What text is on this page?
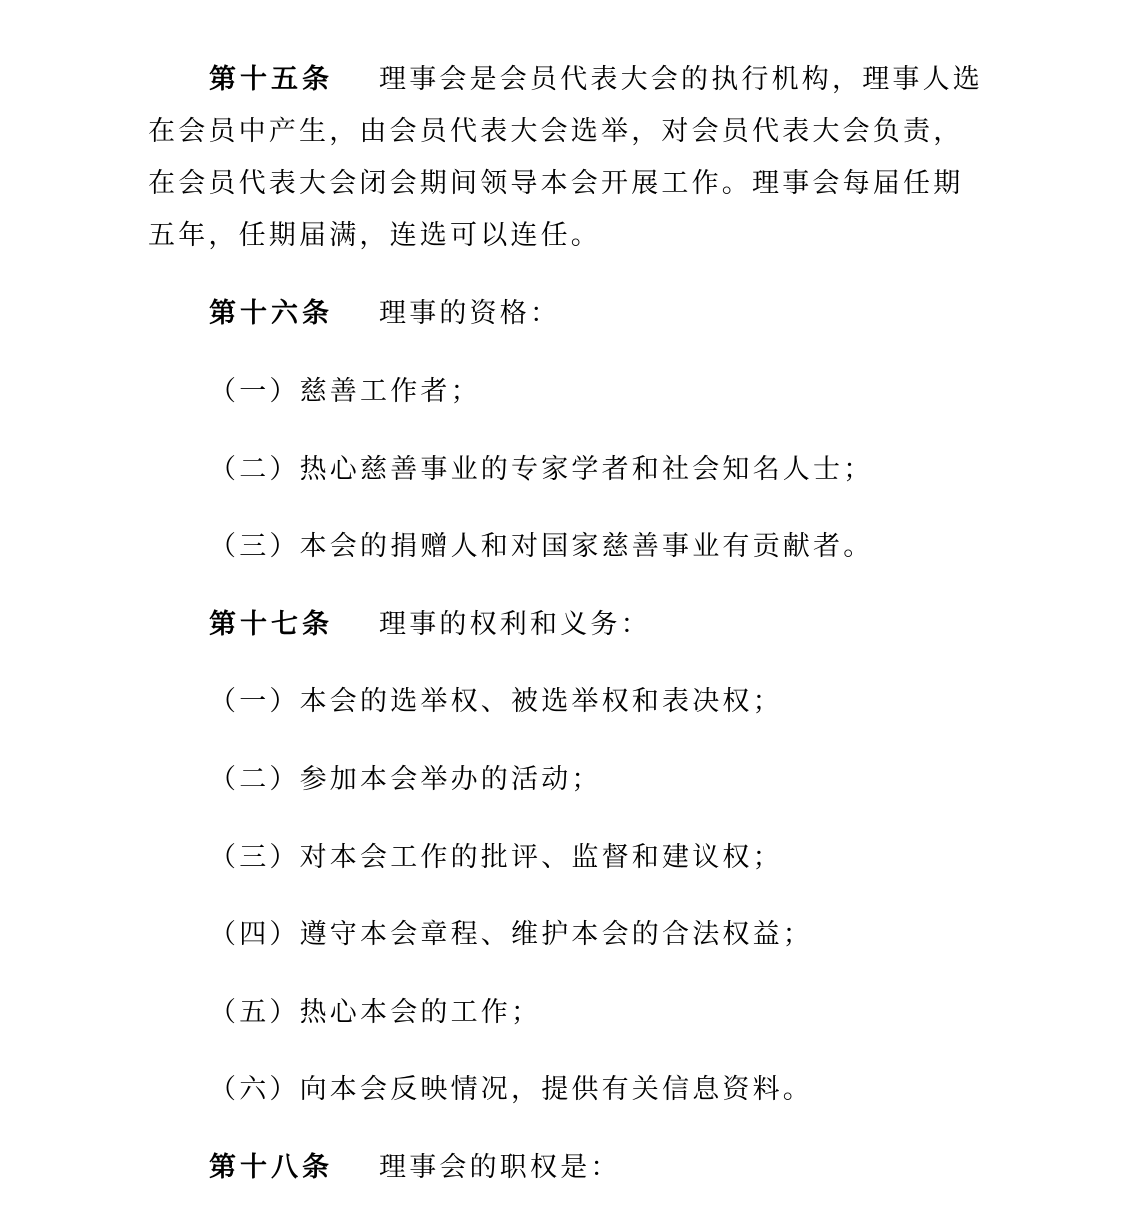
第十五条 理事会是会员代表大会的执行机构，理事人选在会员中产生，由会员代表大会选举，对会员代表大会负责，在会员代表大会闭会期间领导本会开展工作。理事会每届任期五年，任期届满，连选可以连任。
第十六条 理事的资格：
（一）慈善工作者；
（二）热心慈善事业的专家学者和社会知名人士；
（三）本会的捐赠人和对国家慈善事业有贡献者。
第十七条 理事的权利和义务：
（一）本会的选举权、被选举权和表决权；
（二）参加本会举办的活动；
（三）对本会工作的批评、监督和建议权；
（四）遵守本会章程、维护本会的合法权益；
（五）热心本会的工作；
（六）向本会反映情况，提供有关信息资料。
第十八条 理事会的职权是：
